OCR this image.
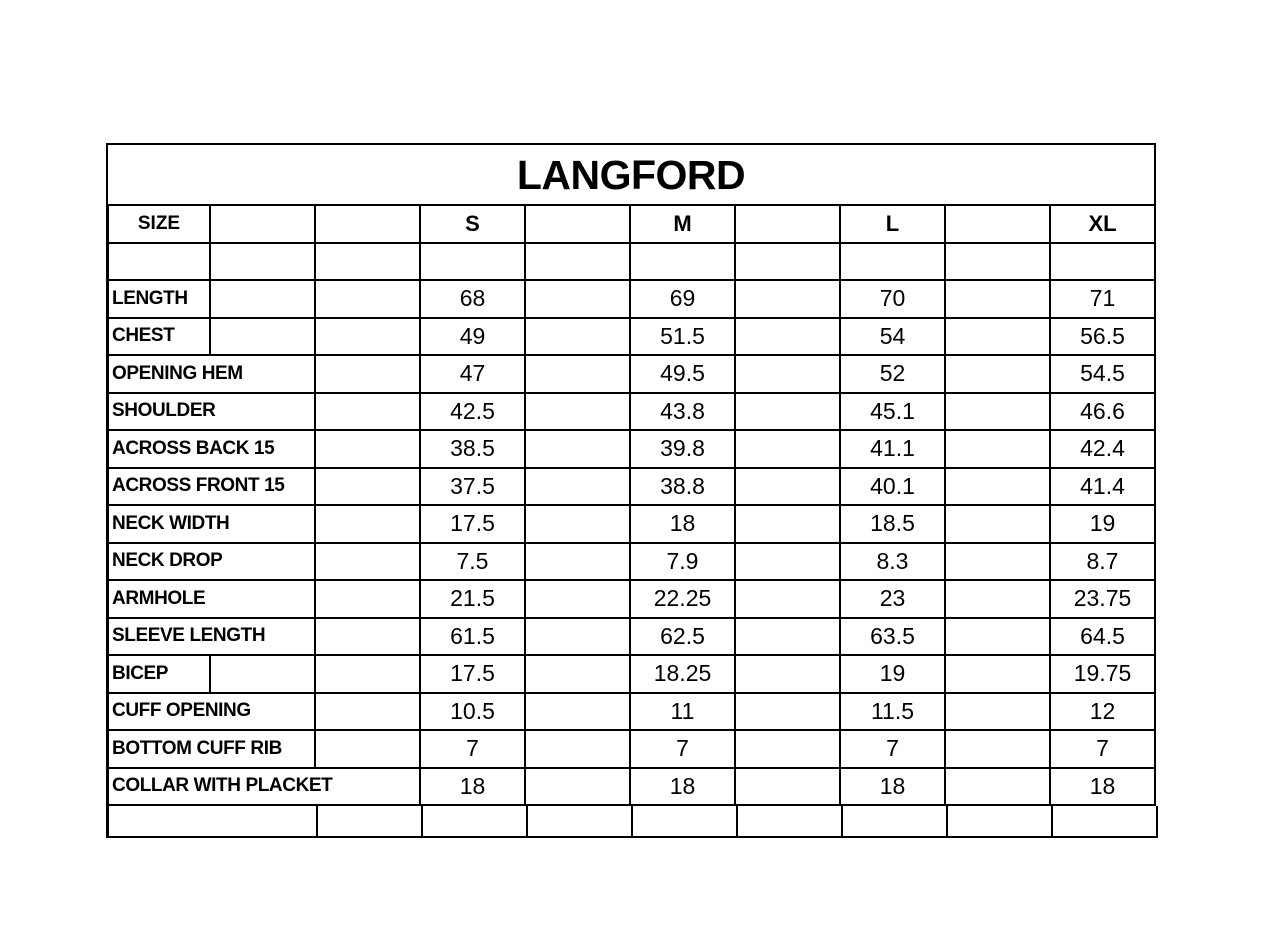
LANGFORD
SIZE	S	M	L	XL
LENGTH	68	69	70	71
CHEST	49	51.5	54	56.5
OPENING HEM	47	49.5	52	54.5
SHOULDER	42.5	43.8	45.1	46.6
ACROSS BACK 15	38.5	39.8	41.1	42.4
ACROSS FRONT 15	37.5	38.8	40.1	41.4
NECK WIDTH	17.5	18	18.5	19
NECK DROP	7.5	7.9	8.3	8.7
ARMHOLE	21.5	22.25	23	23.75
SLEEVE LENGTH	61.5	62.5	63.5	64.5
BICEP	17.5	18.25	19	19.75
CUFF OPENING	10.5	11	11.5	12
BOTTOM CUFF RIB	7	7	7	7
COLLAR WITH PLACKET	18	18	18	18
